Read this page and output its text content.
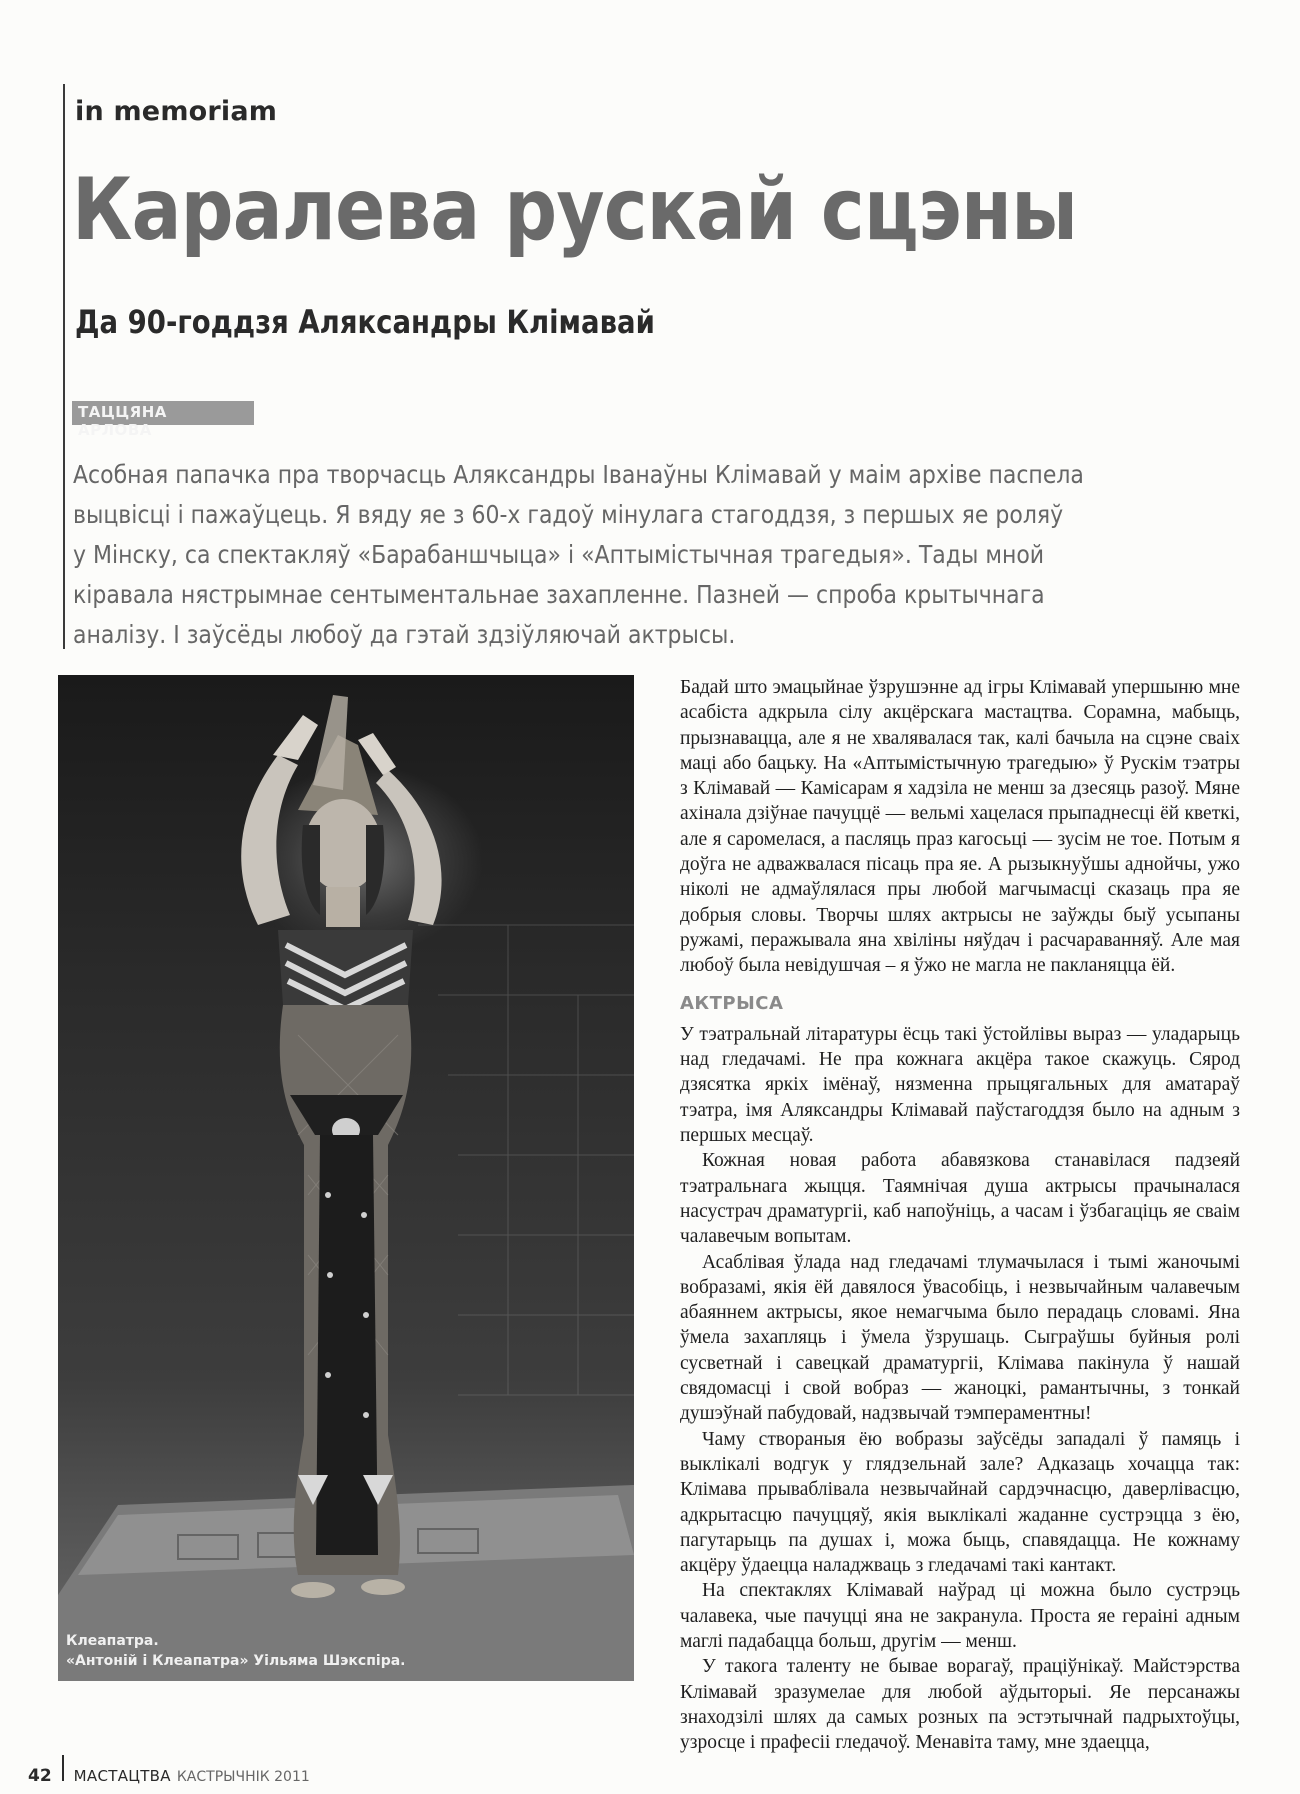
in memoriam
Каралева рускай сцэны
Да 90-годдзя Аляксандры Клімавай
ТАЦЦЯНА АРЛОВА
Асобная папачка пра творчасць Аляксандры Іванаўны Клімавай у маім архіве паспела
выцвісці і пажаўцець. Я вяду яе з 60-х гадоў мінулага стагоддзя, з першых яе роляў
у Мінску, са спектакляў «Барабаншчыца» і «Аптымістычная трагедыя». Тады мной
кіравала нястрымнае сентыментальнае захапленне. Пазней — спроба крытычнага
аналізу. І заўсёды любоў да гэтай здзіўляючай актрысы.
Клеапатра.
«Антоній і Клеапатра» Уільяма Шэкспіра.

Бадай што эмацыйнае ўзрушэнне ад ігры Клімавай упершыню мне асабіста адкрыла сілу акцёрскага мастацтва. Сорамна, мабыць, прызнавацца, але я не хвалявалася так, калі бачыла на сцэне сваіх маці або бацьку. На «Аптымістычную трагедыю» ў Рускім тэатры з Клімавай — Камісарам я хадзіла не менш за дзесяць разоў. Мяне ахінала дзіўнае пачуццё — вельмі хацелася прыпаднесці ёй кветкі, але я саромелася, а пасляць праз кагосьці — зусім не тое. Потым я доўга не адважвалася пісаць пра яе. А рызыкнуўшы аднойчы, ужо ніколі не адмаўлялася пры любой магчымасці сказаць пра яе добрыя словы. Творчы шлях актрысы не заўжды быў усыпаны ружамі, перажывала яна хвіліны няўдач і расчараванняў. Але мая любоў была невідушчая – я ўжо не магла не пакланяцца ёй.

АКТРЫСА

У тэатральнай літаратуры ёсць такі ўстойлівы выраз — уладарыць над гледачамі. Не пра кожнага акцёра такое скажуць. Сярод дзясятка яркіх імёнаў, нязменна прыцягальных для аматараў тэатра, імя Аляксандры Клімавай паўстагоддзя было на адным з першых месцаў.

Кожная новая работа абавязкова станавілася падзеяй тэатральнага жыцця. Таямнічая душа актрысы прачыналася насустрач драматургіі, каб напоўніць, а часам і ўзбагаціць яе сваім чалавечым вопытам.

Асаблівая ўлада над гледачамі тлумачылася і тымі жаночымі вобразамі, якія ёй давялося ўвасобіць, і незвычайным чалавечым абаяннем актрысы, якое немагчыма было перадаць словамі. Яна ўмела захапляць і ўмела ўзрушаць. Сыграўшы буйныя ролі сусветнай і савецкай драматургіі, Клімава пакінула ў нашай свядомасці і свой вобраз — жаноцкі, рамантычны, з тонкай душэўнай пабудовай, надзвычай тэмпераментны!

Чаму створаныя ёю вобразы заўсёды западалі ў памяць і выклікалі водгук у глядзельнай зале? Адказаць хочацца так: Клімава прываблівала незвычайнай сардэчнасцю, даверлівасцю, адкрытасцю пачуццяў, якія выклікалі жаданне сустрэцца з ёю, пагутарыць па душах і, можа быць, спавядацца. Не кожнаму акцёру ўдаецца наладжваць з гледачамі такі кантакт.

На спектаклях Клімавай наўрад ці можна было сустрэць чалавека, чые пачуцці яна не закранула. Проста яе гераіні адным маглі падабацца больш, другім — менш.

У такога таленту не бывае ворагаў, праціўнікаў. Майстэрства Клімавай зразумелае для любой аўдыторыі. Яе персанажы знаходзілі шлях да самых розных па эстэтычнай падрыхтоўцы, узросце і прафесіі гледачоў. Менавіта таму, мне здаецца,

42 МАСТАЦТВА КАСТРЫЧНІК 2011
